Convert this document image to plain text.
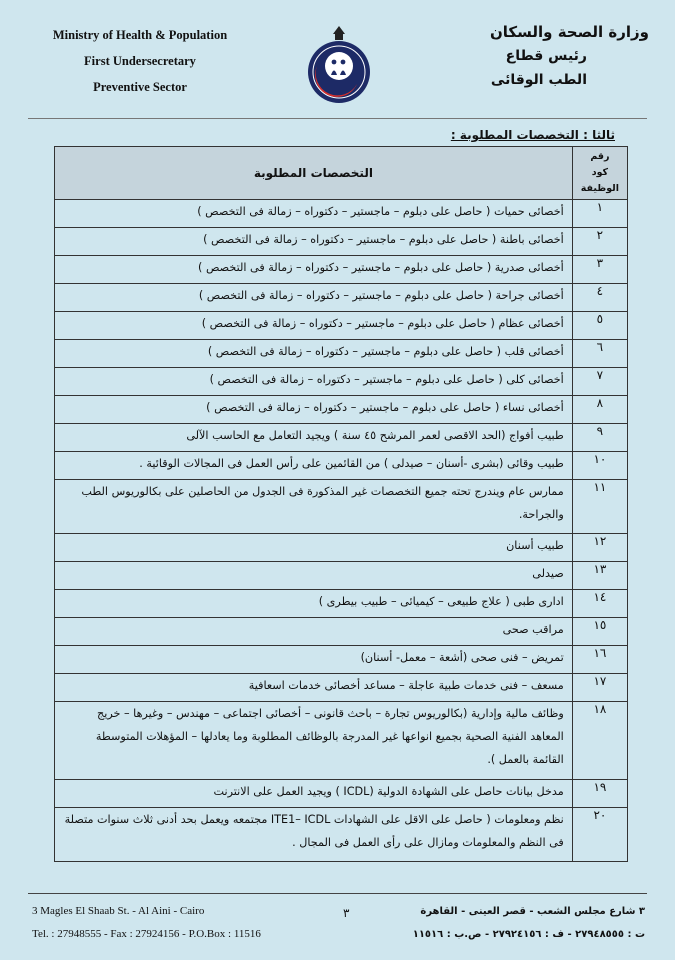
Ministry of Health & Population
First Undersecretary
Preventive Sector
وزارة الصحة والسكان
رئيس قطاع
الطب الوقائى
ثالثا : التخصصات المطلوبة :
رقم كود الوظيفة	التخصصات المطلوبة
١	أخصائى حميات ( حاصل على دبلوم – ماجستير – دكتوراه – زمالة فى التخصص )
٢	أخصائى باطنة ( حاصل على دبلوم – ماجستير – دكتوراه – زمالة فى التخصص )
٣	أخصائى صدرية ( حاصل على دبلوم – ماجستير – دكتوراه – زمالة فى التخصص )
٤	أخصائى جراحة ( حاصل على دبلوم – ماجستير – دكتوراه – زمالة فى التخصص )
٥	أخصائى عظام ( حاصل على دبلوم – ماجستير – دكتوراه – زمالة فى التخصص )
٦	أخصائى قلب ( حاصل على دبلوم – ماجستير – دكتوراه – زمالة فى التخصص )
٧	أخصائى كلى ( حاصل على دبلوم – ماجستير – دكتوراه – زمالة فى التخصص )
٨	أخصائى نساء ( حاصل على دبلوم – ماجستير – دكتوراه – زمالة فى التخصص )
٩	طبيب أفواج (الحد الاقصى لعمر المرشح ٤٥ سنة ) ويجيد التعامل مع الحاسب الآلى
١٠	طبيب وقائى (بشرى -أسنان – صيدلى ) من القائمين على رأس العمل فى المجالات الوقائية .
١١	ممارس عام ويندرج تحته جميع التخصصات غير المذكورة فى الجدول من الحاصلين على بكالوريوس الطب والجراحة.
١٢	طبيب أسنان
١٣	صيدلى
١٤	ادارى طبى ( علاج طبيعى – كيميائى – طبيب بيطرى )
١٥	مراقب صحى
١٦	تمريض – فنى صحى (أشعة – معمل- أسنان)
١٧	مسعف – فنى خدمات طبية عاجلة – مساعد أخصائى خدمات اسعافية
١٨	وظائف مالية وإدارية (بكالوريوس تجارة – باحث قانونى – أخصائى اجتماعى – مهندس – وغيرها – خريج المعاهد الفنية الصحية بجميع انواعها غير المدرجة بالوظائف المطلوبة وما يعادلها – المؤهلات المتوسطة القائمة بالعمل ).
١٩	مدخل بيانات حاصل على الشهادة الدولية (ICDL ) ويجيد العمل على الانترنت
٢٠	نظم ومعلومات ( حاصل على الاقل على الشهادات ITE1– ICDL مجتمعه ويعمل بحد أدنى ثلاث سنوات متصلة فى النظم والمعلومات ومازال على رأى العمل فى المجال .
3 Magles El Shaab St. - Al Aini - Cairo
Tel. : 27948555 - Fax : 27924156 - P.O.Box : 11516
٣	٣ شارع مجلس الشعب - قصر العينى - القاهرة
ت : ٢٧٩٤٨٥٥٥ - ف : ٢٧٩٢٤١٥٦ - ص.ب : ١١٥١٦
